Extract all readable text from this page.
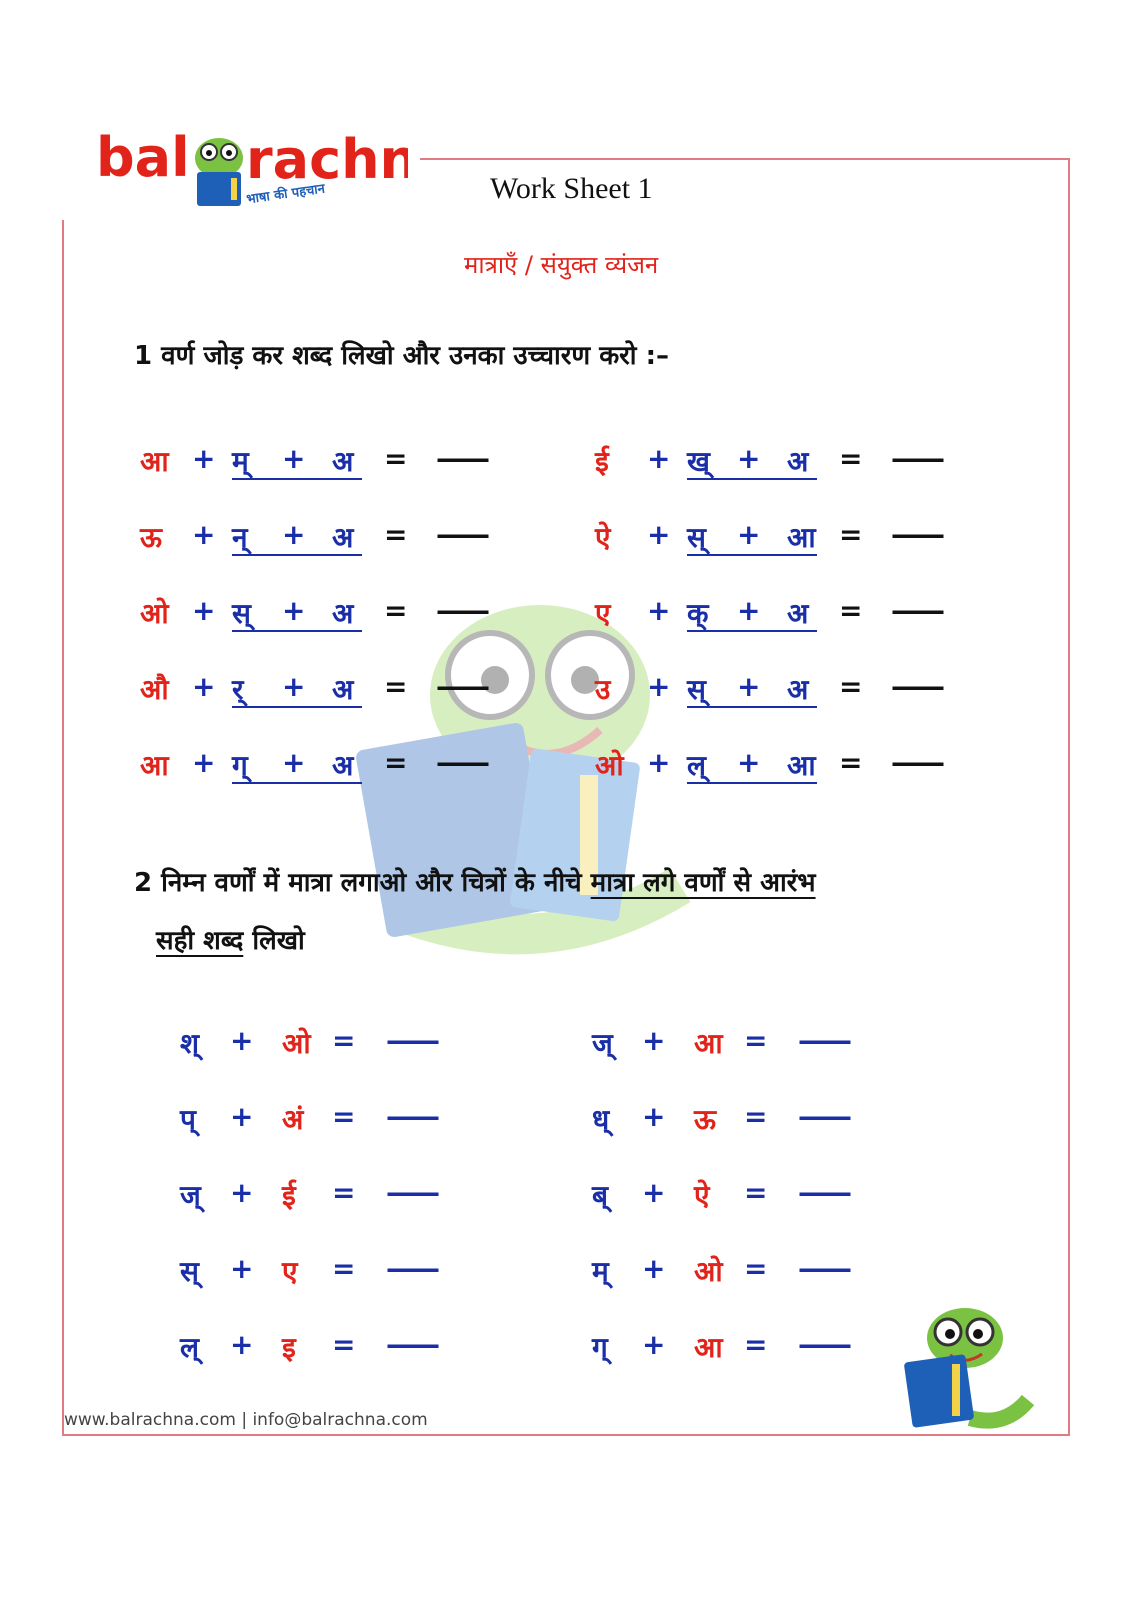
bal rachn
भाषा की पहचान	Work Sheet 1
मात्राएँ / संयुक्त व्यंजन
1 वर्ण जोड़ कर शब्द लिखो और उनका उच्चारण करो :–
आ + म् + अ = –––––	ई + ख् + अ = –––––
ऊ + न् + अ = –––––	ऐ + स् + आ = –––––
ओ + स् + अ = –––––	ए + क् + अ = –––––
औ + र् + अ = –––––	उ + स् + अ = –––––
आ + ग् + अ = –––––	ओ + ल् + आ = –––––
2 निम्न वर्णों में मात्रा लगाओ और चित्रों के नीचे मात्रा लगे वर्णों से आरंभ
सही शब्द लिखो
श् + ओ = –––––	ज् + आ = –––––
प् + अं = –––––	ध् + ऊ = –––––
ज् + ई = –––––	ब् + ऐ = –––––
स् + ए = –––––	म् + ओ = –––––
ल् + इ = –––––	ग् + आ = –––––
www.balrachna.com | info@balrachna.com
